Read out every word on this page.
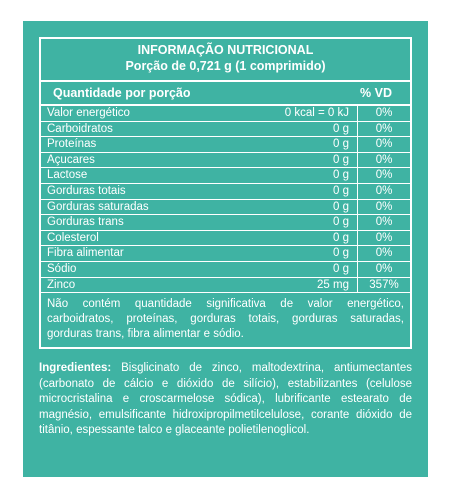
INFORMAÇÃO NUTRICIONAL
Porção de 0,721 g (1 comprimido)
Quantidade por porção	% VD
Valor energético	0 kcal = 0 kJ	0%
Carboidratos	0 g	0%
Proteínas	0 g	0%
Açucares	0 g	0%
Lactose	0 g	0%
Gorduras totais	0 g	0%
Gorduras saturadas	0 g	0%
Gorduras trans	0 g	0%
Colesterol	0 g	0%
Fibra alimentar	0 g	0%
Sódio	0 g	0%
Zinco	25 mg	357%
Não contém quantidade significativa de valor energético, carboidratos, proteínas, gorduras totais, gorduras saturadas, gorduras trans, fibra alimentar e sódio.
Ingredientes: Bisglicinato de zinco, maltodextrina, antiumectantes (carbonato de cálcio e dióxido de silício), estabilizantes (celulose microcristalina e croscarmelose sódica), lubrificante estearato de magnésio, emulsificante hidroxipropilmetilcelulose, corante dióxido de titânio, espessante talco e glaceante polietilenoglicol.
